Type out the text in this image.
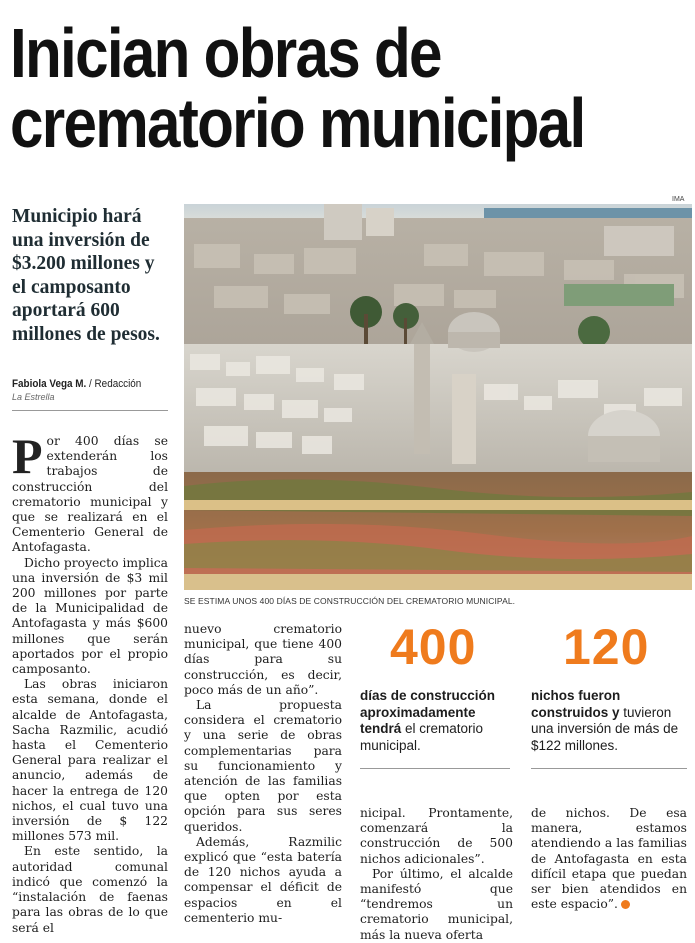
Inician obras de
crematorio municipal
IMA
Municipio hará una inversión de $3.200 millones y el camposanto aportará 600 millones de pesos.
Fabiola Vega M. / Redacción
La Estrella
SE ESTIMA UNOS 400 DÍAS DE CONSTRUCCIÓN DEL CREMATORIO MUNICIPAL.

Por 400 días se extenderán los trabajos de construcción del crematorio municipal y que se realizará en el Cementerio General de Antofagasta.

Dicho proyecto implica una inversión de $3 mil 200 millones por parte de la Municipalidad de Antofagasta y más $600 millones que serán aportados por el propio camposanto.

Las obras iniciaron esta semana, donde el alcalde de Antofagasta, Sacha Razmilic, acudió hasta el Cementerio General para realizar el anuncio, además de hacer la entrega de 120 nichos, el cual tuvo una inversión de $ 122 millones 573 mil.

En este sentido, la autoridad comunal indicó que comenzó la “instalación de faenas para las obras de lo que será el

nuevo crematorio municipal, que tiene 400 días para su construcción, es decir, poco más de un año”.

La propuesta considera el crematorio y una serie de obras complementarias para su funcionamiento y atención de las familias que opten por esta opción para sus seres queridos.

Además, Razmilic explicó que “esta batería de 120 nichos ayuda a compensar el déficit de espacios en el cementerio mu-

400
días de construcción aproximadamente tendrá el crematorio municipal.
120
nichos fueron construidos y tuvieron una inversión de más de $122 millones.

nicipal. Prontamente, comenzará la construcción de 500 nichos adicionales”.

Por último, el alcalde manifestó que “tendremos un crematorio municipal, más la nueva oferta

de nichos. De esa manera, estamos atendiendo a las familias de Antofagasta en esta difícil etapa que puedan ser bien atendidos en este espacio”.
